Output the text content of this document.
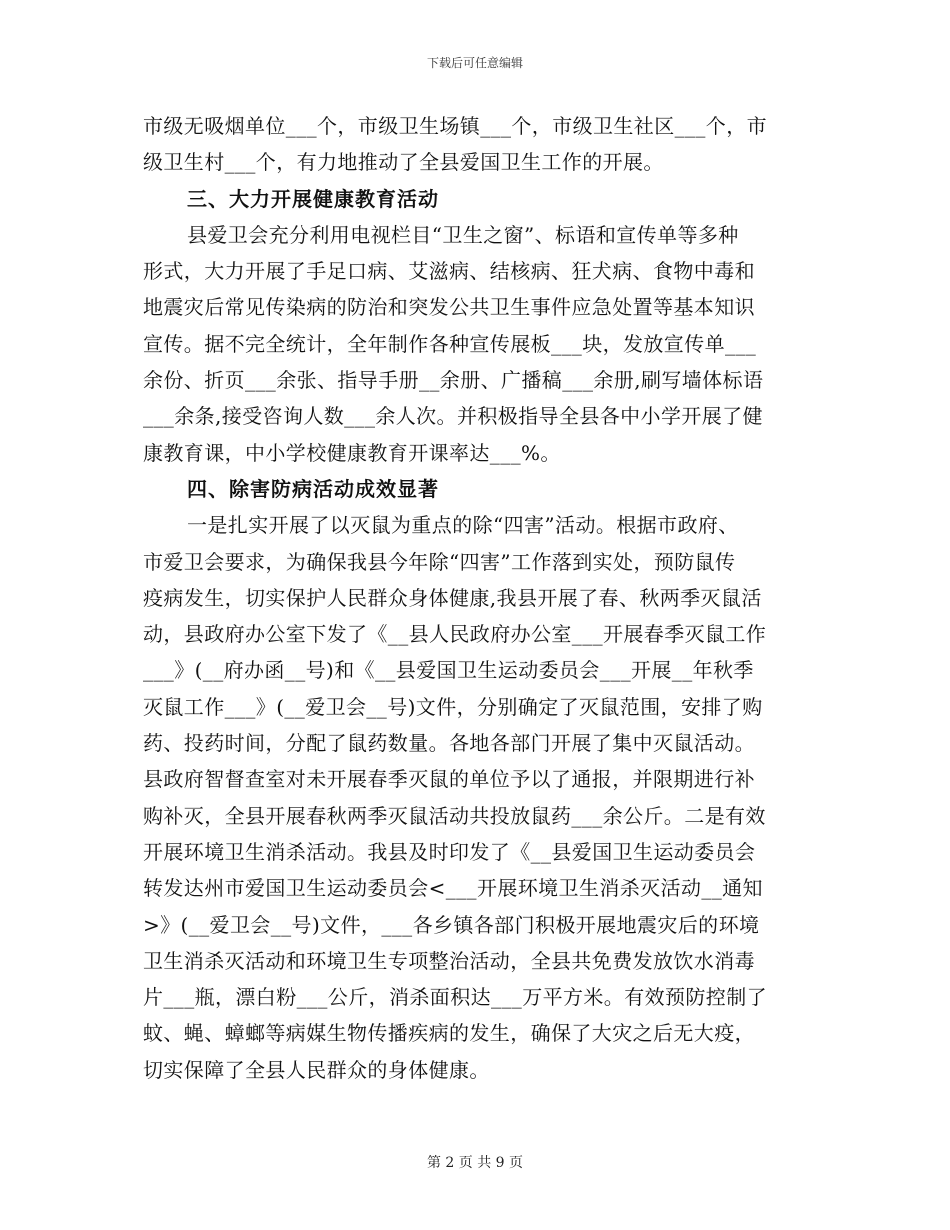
下载后可任意编辑
市级无吸烟单位___个，市级卫生场镇___个，市级卫生社区___个，市
级卫生村___个，有力地推动了全县爱国卫生工作的开展。
三、大力开展健康教育活动
县爱卫会充分利用电视栏目“卫生之窗”、标语和宣传单等多种
形式，大力开展了手足口病、艾滋病、结核病、狂犬病、食物中毒和
地震灾后常见传染病的防治和突发公共卫生事件应急处置等基本知识
宣传。据不完全统计，全年制作各种宣传展板___块，发放宣传单___
余份、折页___余张、指导手册__余册、广播稿___余册,刷写墙体标语
___余条,接受咨询人数___余人次。并积极指导全县各中小学开展了健
康教育课，中小学校健康教育开课率达___%。
四、除害防病活动成效显著
一是扎实开展了以灭鼠为重点的除“四害”活动。根据市政府、
市爱卫会要求，为确保我县今年除“四害”工作落到实处，预防鼠传
疫病发生，切实保护人民群众身体健康,我县开展了春、秋两季灭鼠活
动，县政府办公室下发了《__县人民政府办公室___开展春季灭鼠工作
___》(__府办函__号)和《__县爱国卫生运动委员会___开展__年秋季
灭鼠工作___》(__爱卫会__号)文件，分别确定了灭鼠范围，安排了购
药、投药时间，分配了鼠药数量。各地各部门开展了集中灭鼠活动。
县政府智督查室对未开展春季灭鼠的单位予以了通报，并限期进行补
购补灭，全县开展春秋两季灭鼠活动共投放鼠药___余公斤。二是有效
开展环境卫生消杀活动。我县及时印发了《__县爱国卫生运动委员会
转发达州市爱国卫生运动委员会<___开展环境卫生消杀灭活动__通知
>》(__爱卫会__号)文件，___各乡镇各部门积极开展地震灾后的环境
卫生消杀灭活动和环境卫生专项整治活动，全县共免费发放饮水消毒
片___瓶，漂白粉___公斤，消杀面积达___万平方米。有效预防控制了
蚊、蝇、蟑螂等病媒生物传播疾病的发生，确保了大灾之后无大疫，
切实保障了全县人民群众的身体健康。
第 2 页 共 9 页
